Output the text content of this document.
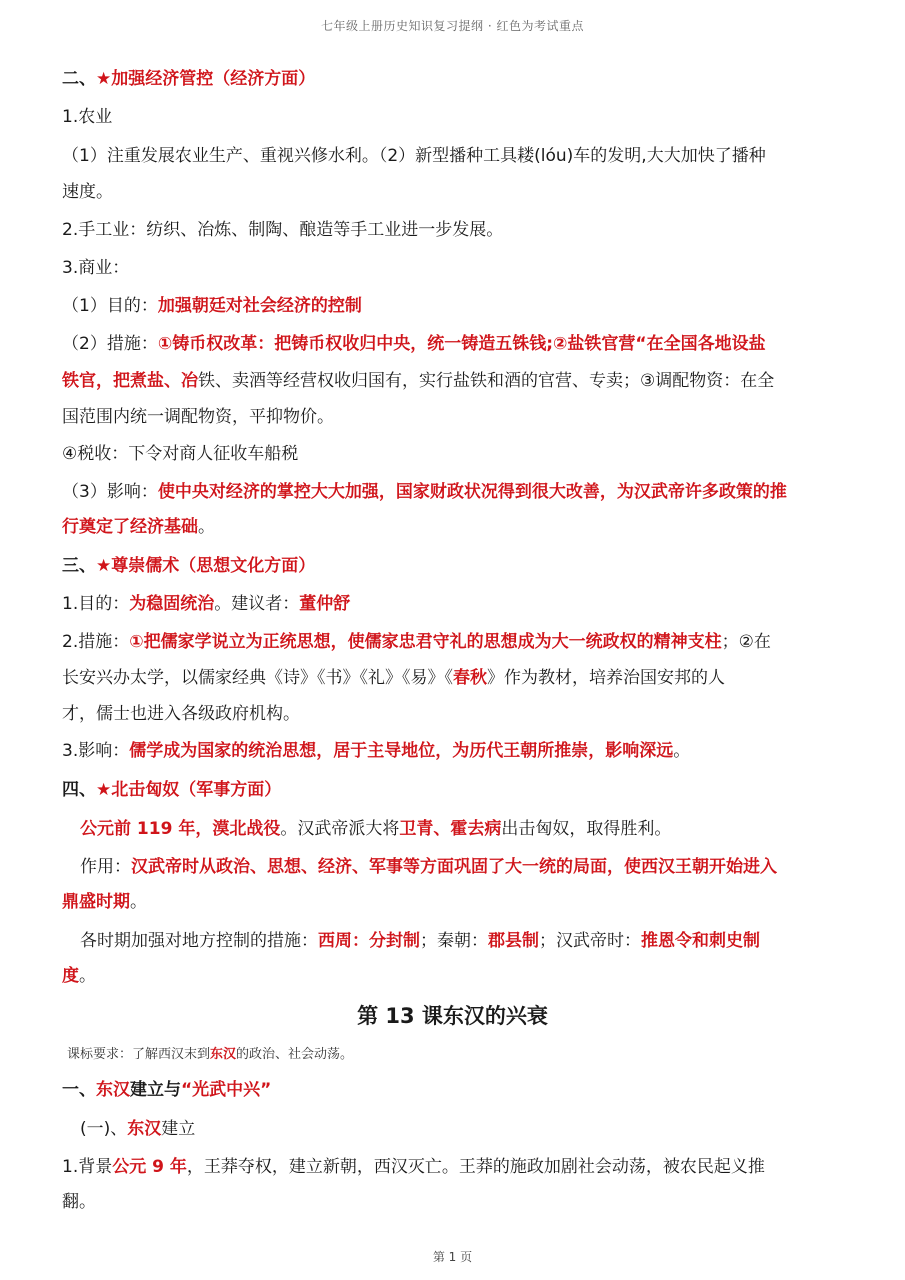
七年级上册历史知识复习提纲 · 红色为考试重点
二、★加强经济管控（经济方面）
1.农业
（1）注重发展农业生产、重视兴修水利。（2）新型播种工具耧(lóu)车的发明,大大加快了播种
速度。
2.手工业：纺织、冶炼、制陶、酿造等手工业进一步发展。
3.商业：
（1）目的：加强朝廷对社会经济的控制
（2）措施：①铸币权改革：把铸币权收归中央，统一铸造五铢钱;②盐铁官营“在全国各地设盐
铁官，把煮盐、冶铁、卖酒等经营权收归国有，实行盐铁和酒的官营、专卖；③调配物资：在全
国范围内统一调配物资，平抑物价。
④税收：下令对商人征收车船税
（3）影响：使中央对经济的掌控大大加强，国家财政状况得到很大改善，为汉武帝许多政策的推
行奠定了经济基础。
三、★尊崇儒术（思想文化方面）
1.目的：为稳固统治。建议者：董仲舒
2.措施：①把儒家学说立为正统思想，使儒家忠君守礼的思想成为大一统政权的精神支柱；②在
长安兴办太学，以儒家经典《诗》《书》《礼》《易》《春秋》作为教材，培养治国安邦的人
才，儒士也进入各级政府机构。
3.影响：儒学成为国家的统治思想，居于主导地位，为历代王朝所推崇，影响深远。
四、★北击匈奴（军事方面）
公元前 119 年，漠北战役。汉武帝派大将卫青、霍去病出击匈奴，取得胜利。
作用：汉武帝时从政治、思想、经济、军事等方面巩固了大一统的局面，使西汉王朝开始进入
鼎盛时期。
各时期加强对地方控制的措施：西周：分封制；秦朝：郡县制；汉武帝时：推恩令和刺史制
度。
第 13 课东汉的兴衰
课标要求：了解西汉末到东汉的政治、社会动荡。
一、东汉建立与“光武中兴”
(一)、东汉建立
1.背景公元 9 年，王莽夺权，建立新朝，西汉灭亡。王莽的施政加剧社会动荡，被农民起义推
翻。
第 1 页
